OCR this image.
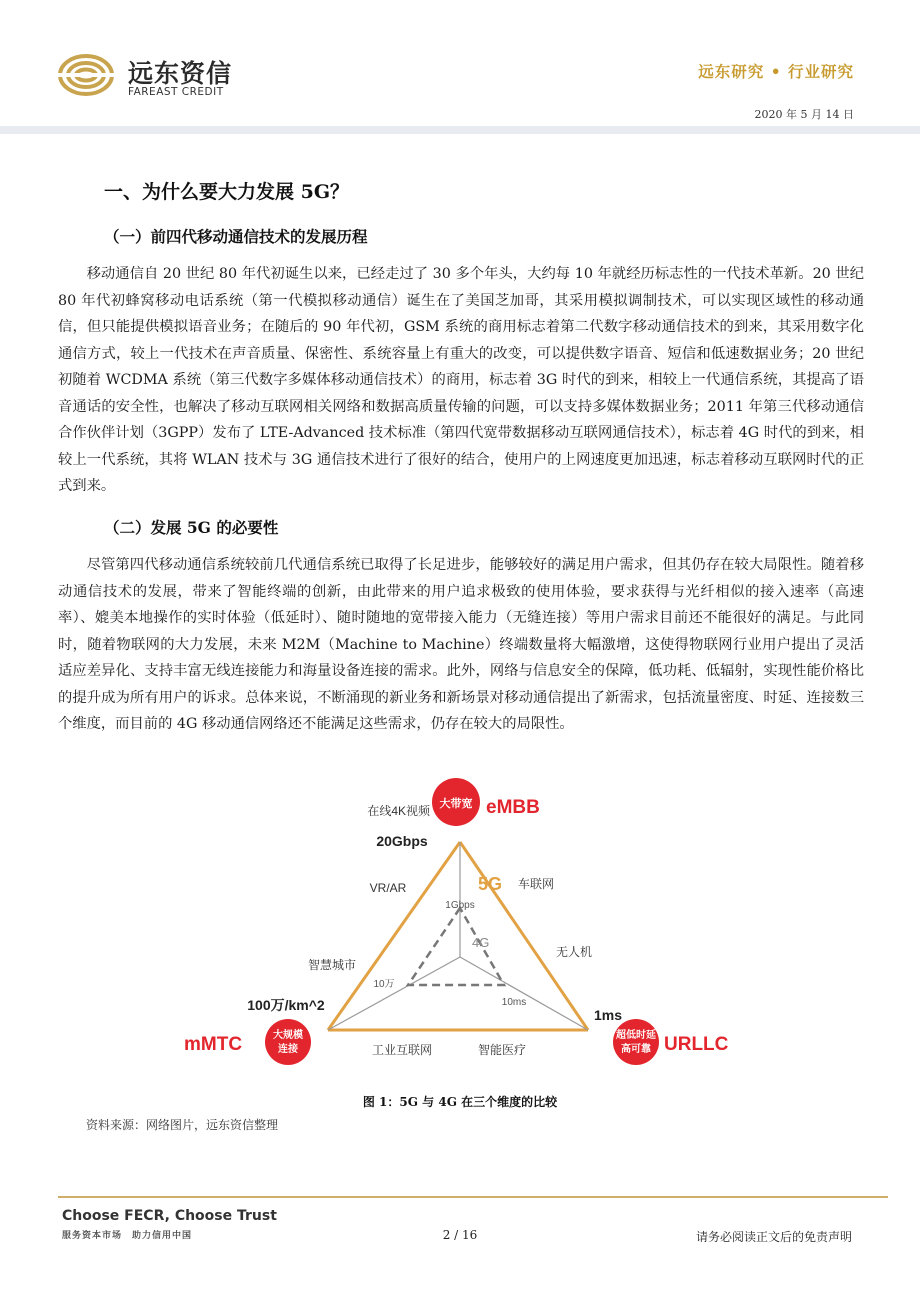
远东资信
FAREAST CREDIT
远东研究 • 行业研究
2020 年 5 月 14 日
一、为什么要大力发展 5G？
（一）前四代移动通信技术的发展历程

移动通信自 20 世纪 80 年代初诞生以来，已经走过了 30 多个年头，大约每 10 年就经历标志性的一代技术革新。20 世纪 80 年代初蜂窝移动电话系统（第一代模拟移动通信）诞生在了美国芝加哥，其采用模拟调制技术，可以实现区域性的移动通信，但只能提供模拟语音业务；在随后的 90 年代初，GSM 系统的商用标志着第二代数字移动通信技术的到来，其采用数字化通信方式，较上一代技术在声音质量、保密性、系统容量上有重大的改变，可以提供数字语音、短信和低速数据业务；20 世纪初随着 WCDMA 系统（第三代数字多媒体移动通信技术）的商用，标志着 3G 时代的到来，相较上一代通信系统，其提高了语音通话的安全性，也解决了移动互联网相关网络和数据高质量传输的问题，可以支持多媒体数据业务；2011 年第三代移动通信合作伙伴计划（3GPP）发布了 LTE-Advanced 技术标准（第四代宽带数据移动互联网通信技术），标志着 4G 时代的到来，相较上一代系统，其将 WLAN 技术与 3G 通信技术进行了很好的结合，使用户的上网速度更加迅速，标志着移动互联网时代的正式到来。

（二）发展 5G 的必要性

尽管第四代移动通信系统较前几代通信系统已取得了长足进步，能够较好的满足用户需求，但其仍存在较大局限性。随着移动通信技术的发展，带来了智能终端的创新，由此带来的用户追求极致的使用体验，要求获得与光纤相似的接入速率（高速率）、媲美本地操作的实时体验（低延时）、随时随地的宽带接入能力（无缝连接）等用户需求目前还不能很好的满足。与此同时，随着物联网的大力发展，未来 M2M（Machine to Machine）终端数量将大幅激增，这使得物联网行业用户提出了灵活适应差异化、支持丰富无线连接能力和海量设备连接的需求。此外，网络与信息安全的保障，低功耗、低辐射，实现性能价格比的提升成为所有用户的诉求。总体来说，不断涌现的新业务和新场景对移动通信提出了新需求，包括流量密度、时延、连接数三个维度，而目前的 4G 移动通信网络还不能满足这些需求，仍存在较大的局限性。

大带宽 eMBB
在线4K视频
20Gbps
大规模
连接
mMTC
100万/km^2
超低时延
高可靠 URLLC
1ms
VR/AR	5G 车联网
1Gbps
4G
无人机
智慧城市
10万
10ms
工业互联网	智能医疗
图 1：5G 与 4G 在三个维度的比较
资料来源：网络图片，远东资信整理
Choose FECR, Choose Trust
服务资本市场　助力信用中国	2 / 16	请务必阅读正文后的免责声明
